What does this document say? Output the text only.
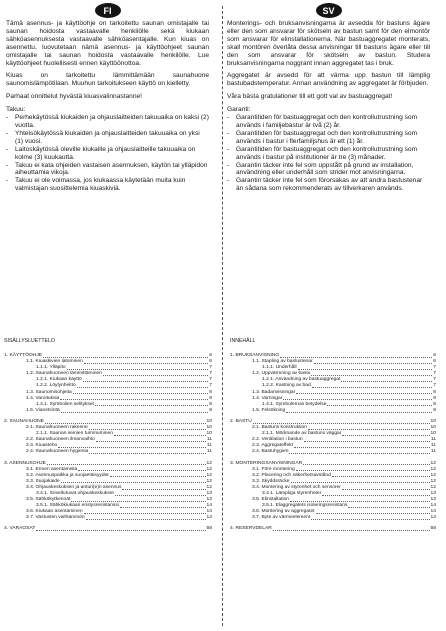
FI

Tämä asennus- ja käyttöohje on tarkoitettu saunan omistajalle tai saunan hoidosta vastaavalle henkilölle sekä kiukaan sähköasennuksesta vastaavalle sähköasentajalle. Kun kiuas on asennettu, luovutetaan nämä asennus- ja käyttöohjeet saunan omistajalle tai saunan hoidosta vastaavalle henkilölle. Lue käyttöohjeet huolellisesti ennen käyttöönottoa.

Kiuas on tarkoitettu lämmittämään saunahuone saunomislämpötilaan. Muuhun tarkoitukseen käyttö on kielletty.

Parhaat onnittelut hyvästä kiuasvalinnastanne!

Takuu:

- Perhekäytössä kiukaiden ja ohjauslaitteiden takuuaika on kaksi (2) vuotta.
- Yhteisökäytössä kiukaiden ja ohjauslaitteiden takuuaika on yksi (1) vuosi.
- Laitoskäytössä oleville kiukaille ja ohjauslaitteille takuuaika on kolme (3) kuukautta.
- Takuu ei kata ohjeiden vastaisen asennuksen, käytön tai ylläpidon aiheuttamia vikoja.
- Takuu ei ole voimassa, jos kiukaassa käytetään muita kuin valmistajan suosittelemia kiuaskiviä.
SV

Monterings- och bruksanvisningarna är avsedda för bastuns ägare eller den som ansvarar för skötseln av bastun samt för den elmontör som ansvarar för elinstallationerna. När bastuaggregatet monterats, skall montören överlåta dessa anvisningar till bastuns ägare eller till den som ansvarar för skötseln av bastun. Studera bruksanvisningarna noggrant innan aggregatet tas i bruk.

Aggregatet är avsedd för att värma upp bastun till lämplig bastubadstemperatur. Annan användning av aggregatet är förbjuden.

Våra bästa gratulationer till ett gott val av bastuaggregat!

Garanti:

- Garantitiden för bastuaggregat och den kontrollutrustning som används i familjebastur är två (2) år.
- Garantitiden för bastuaggregat och den kontrollutrustning som används i bastur i flerfamiljshus är ett (1) år.
- Garantitiden för bastuaggregat och den kontrollutrustning som används i bastur på institutioner är tre (3) månader.
- Garantin täcker inte fel som uppstått på grund av installation, användning eller underhåll som strider mot anvisningarna.
- Garantin täcker inte fel som förorsakas av att andra bastustenar än sådana som rekommenderats av tillverkaren används.
SISÄLLYSLUETTELO
1. KÄYTTÖOHJE	6
1.1. Kiuaskivien latominen	6
1.1.1. Ylläpito	7
1.2. Saunahuoneen lämmittäminen	7
1.2.1. Kiukaan käyttö	7
1.2.2. Löylynheitto	7
1.3. Saunomisohjeita	8
1.4. Varoituksia	8
1.4.1. Symbolien selitykset	8
1.5. Vianetsintä	8
2. SAUNAHUONE	10
2.1. Saunahuoneen rakenne	10
2.1.1. Saunan seinien tummuminen	10
2.2. Saunahuoneen ilmanvaihto	11
2.3. Kiuasteho	11
2.4. Saunahuoneen hygienia	11
3. ASENNUSOHJE	12
3.1. Ennen asentamista	12
3.2. Asennuspaikka ja suojaetäisyydet	12
3.3. Suojakaide	12
3.4. Ohjauskeskuksen ja anturi(e)n asennus	12
3.4.1. Sovellutuvat ohjauskeskukset	13
3.5. Sähkökytkennät	13
3.5.1. Sähkökiukaan eristysresistanssi	14
3.6. Kiukaan asentaminen	14
3.7. Vastusten vaihtaminen	14
4. VARAOSAT	58
INNEHÅLL
1. BRUKSANVISNING	6
1.1. Stapling av bastustenar	6
1.1.1. Underhåll	7
1.2. Uppvärmning av bastu	7
1.2.1. Användning av bastuaggregat	7
1.2.2. Kastning av bad	7
1.3. Badanvisningar	8
1.4. Varningar	8
1.4.1. Symbolernas betydelse	8
1.5. Felsökning	8
2. BASTU	10
2.1. Bastuns konstruktion	10
2.1.1. Mörknande av bastuns väggar	10
2.2. Ventilation i bastun	11
2.3. Aggregateffekt	11
2.4. Bastuhygien	11
3. MONTERINGSANVISNINGAR	12
3.1. Före montering	12
3.2. Placering och säkerhetsavstånd	12
3.3. Skyddsräcke	12
3.4. Montering av styrenhet och sensorer	12
3.4.1. Lämpliga styrenheter	13
3.5. Elinstallation	13
3.5.1. Elaggregatets isoleringsresistans	14
3.6. Montering av aggregatet	14
3.7. Byte av värmeelement	14
4. RESERVDELAR	58
